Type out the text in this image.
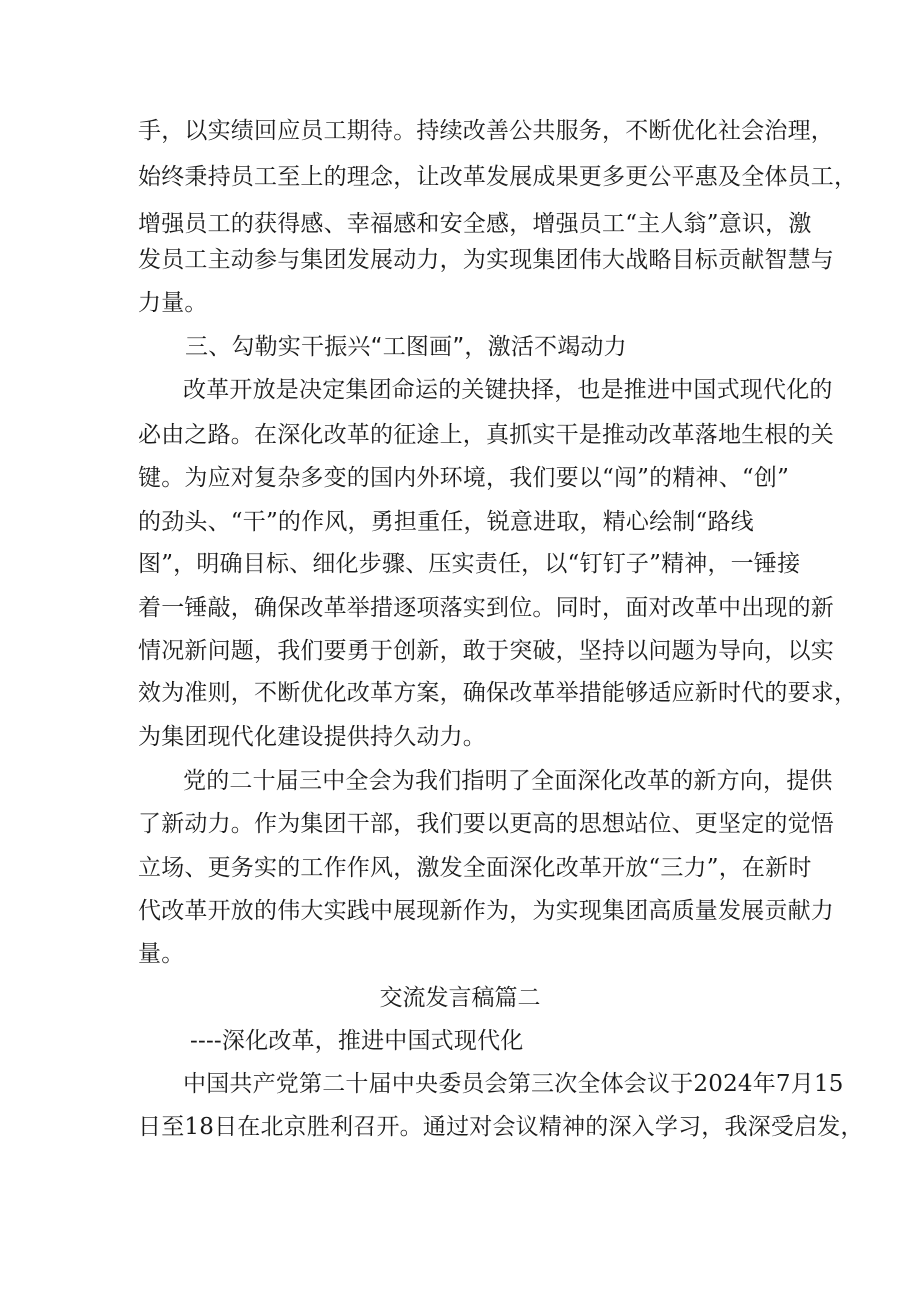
手，以实绩回应员工期待。持续改善公共服务，不断优化社会治理，
始终秉持员工至上的理念，让改革发展成果更多更公平惠及全体员工，
增强员工的获得感、幸福感和安全感，增强员工“主人翁”意识，激
发员工主动参与集团发展动力，为实现集团伟大战略目标贡献智慧与
力量。
三、勾勒实干振兴“工图画”，激活不竭动力
改革开放是决定集团命运的关键抉择，也是推进中国式现代化的
必由之路。在深化改革的征途上，真抓实干是推动改革落地生根的关
键。为应对复杂多变的国内外环境，我们要以“闯”的精神、“创”
的劲头、“干”的作风，勇担重任，锐意进取，精心绘制“路线
图”，明确目标、细化步骤、压实责任，以“钉钉子”精神，一锤接
着一锤敲，确保改革举措逐项落实到位。同时，面对改革中出现的新
情况新问题，我们要勇于创新，敢于突破，坚持以问题为导向，以实
效为准则，不断优化改革方案，确保改革举措能够适应新时代的要求，
为集团现代化建设提供持久动力。
党的二十届三中全会为我们指明了全面深化改革的新方向，提供
了新动力。作为集团干部，我们要以更高的思想站位、更坚定的觉悟
立场、更务实的工作作风，激发全面深化改革开放“三力”，在新时
代改革开放的伟大实践中展现新作为，为实现集团高质量发展贡献力
量。
交流发言稿篇二
----深化改革，推进中国式现代化
中国共产党第二十届中央委员会第三次全体会议于2024年7月15
日至18日在北京胜利召开。通过对会议精神的深入学习，我深受启发，
